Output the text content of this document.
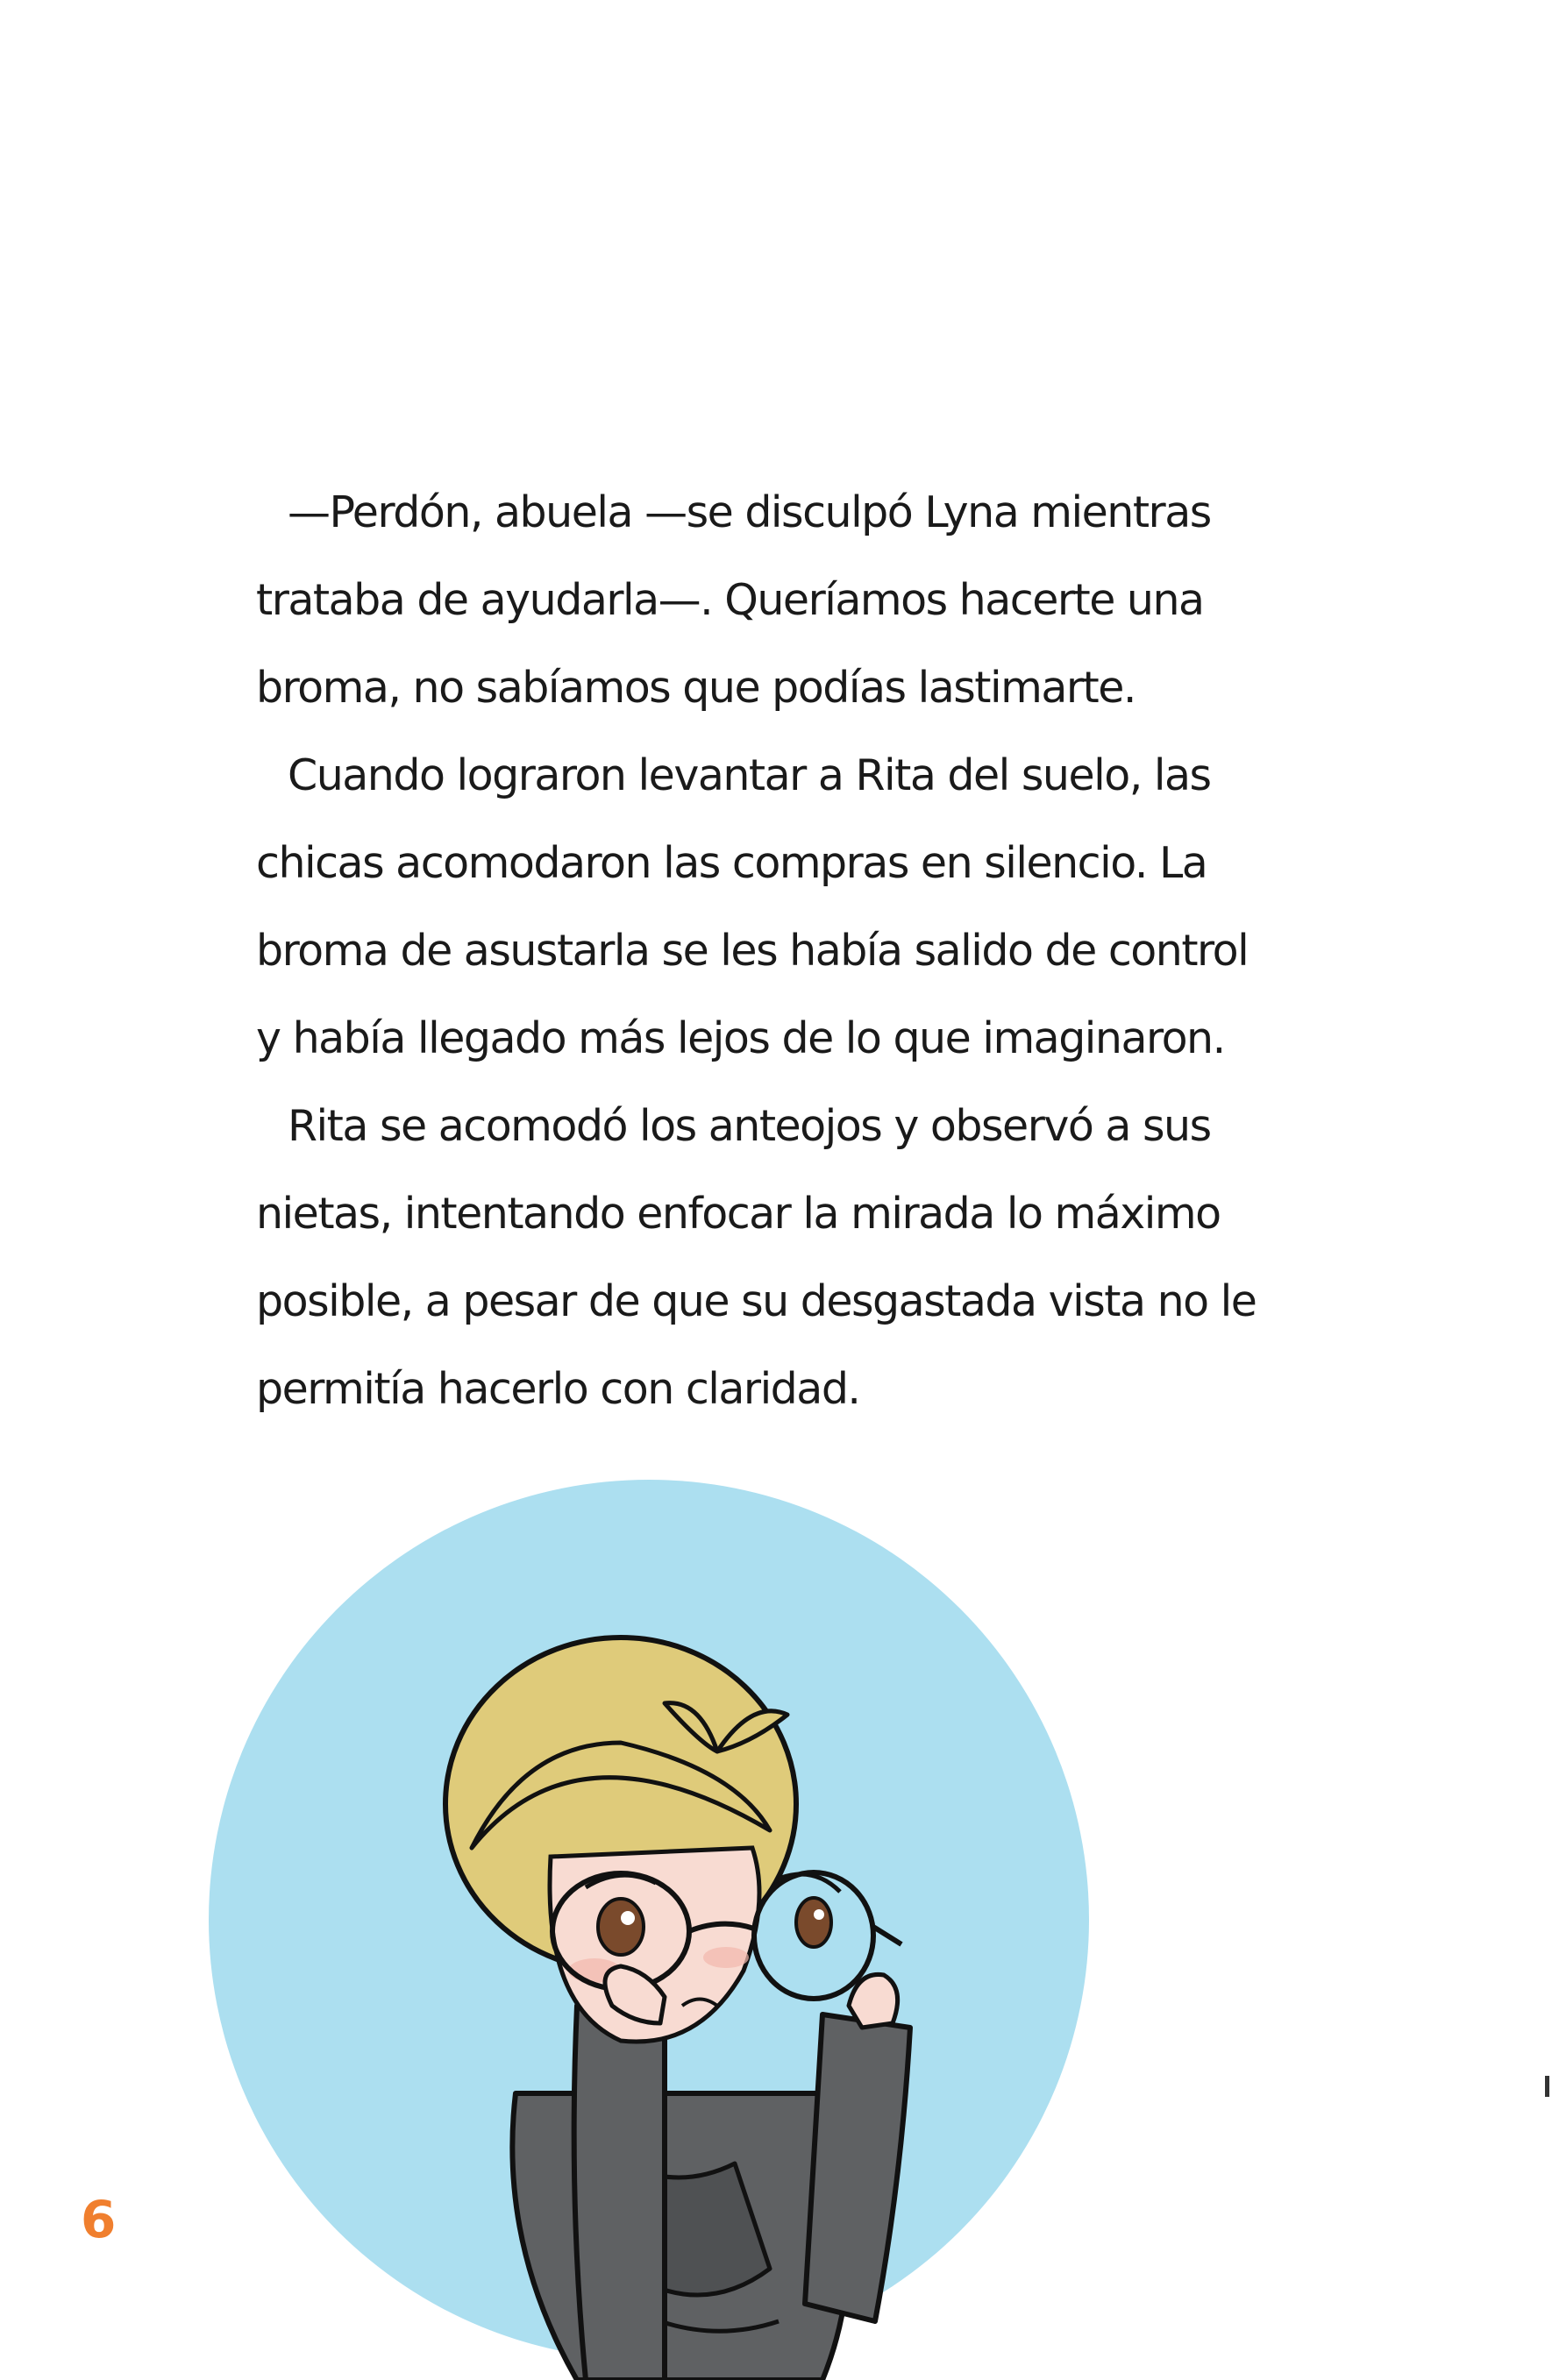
—Perdón, abuela —se disculpó Lyna mientras
trataba de ayudarla—. Queríamos hacerte una
broma, no sabíamos que podías lastimarte.

Cuando lograron levantar a Rita del suelo, las
chicas acomodaron las compras en silencio. La
broma de asustarla se les había salido de control
y había llegado más lejos de lo que imaginaron.

Rita se acomodó los anteojos y observó a sus
nietas, intentando enfocar la mirada lo máximo
posible, a pesar de que su desgastada vista no le
permitía hacerlo con claridad.

6
